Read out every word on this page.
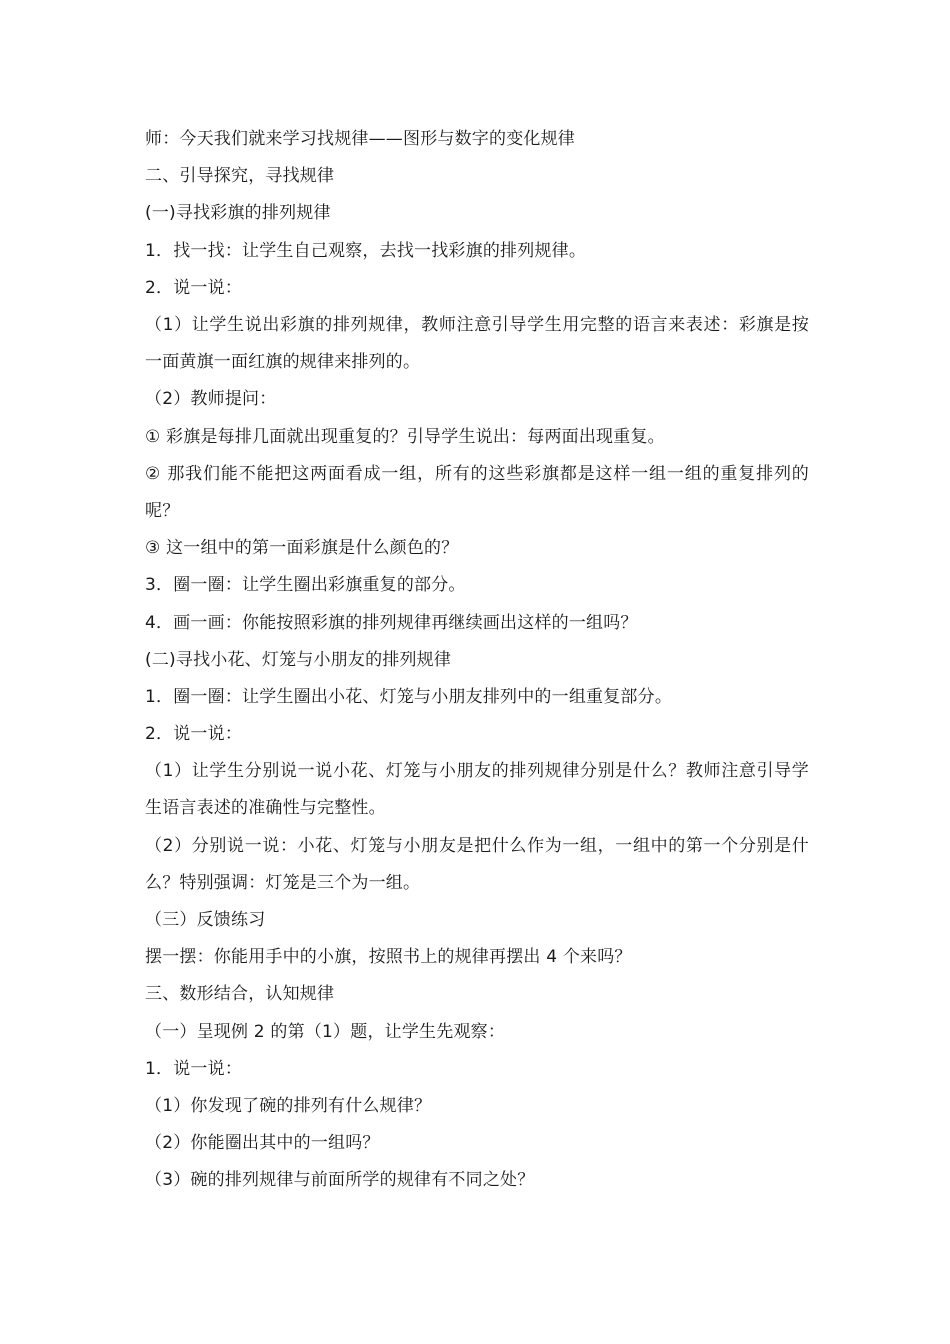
师：今天我们就来学习找规律——图形与数字的变化规律
二、引导探究，寻找规律
(一)寻找彩旗的排列规律
1．找一找：让学生自己观察，去找一找彩旗的排列规律。
2．说一说：
（1）让学生说出彩旗的排列规律，教师注意引导学生用完整的语言来表述：彩旗是按一面黄旗一面红旗的规律来排列的。
（2）教师提问：
① 彩旗是每排几面就出现重复的？引导学生说出：每两面出现重复。
② 那我们能不能把这两面看成一组，所有的这些彩旗都是这样一组一组的重复排列的呢？
③ 这一组中的第一面彩旗是什么颜色的？
3．圈一圈：让学生圈出彩旗重复的部分。
4．画一画：你能按照彩旗的排列规律再继续画出这样的一组吗？
(二)寻找小花、灯笼与小朋友的排列规律
1．圈一圈：让学生圈出小花、灯笼与小朋友排列中的一组重复部分。
2．说一说：
（1）让学生分别说一说小花、灯笼与小朋友的排列规律分别是什么？教师注意引导学生语言表述的准确性与完整性。
（2）分别说一说：小花、灯笼与小朋友是把什么作为一组，一组中的第一个分别是什么？特别强调：灯笼是三个为一组。
（三）反馈练习
摆一摆：你能用手中的小旗，按照书上的规律再摆出 4 个来吗？
三、数形结合，认知规律
（一）呈现例 2 的第（1）题，让学生先观察：
1．说一说：
（1）你发现了碗的排列有什么规律？
（2）你能圈出其中的一组吗？
（3）碗的排列规律与前面所学的规律有不同之处？
